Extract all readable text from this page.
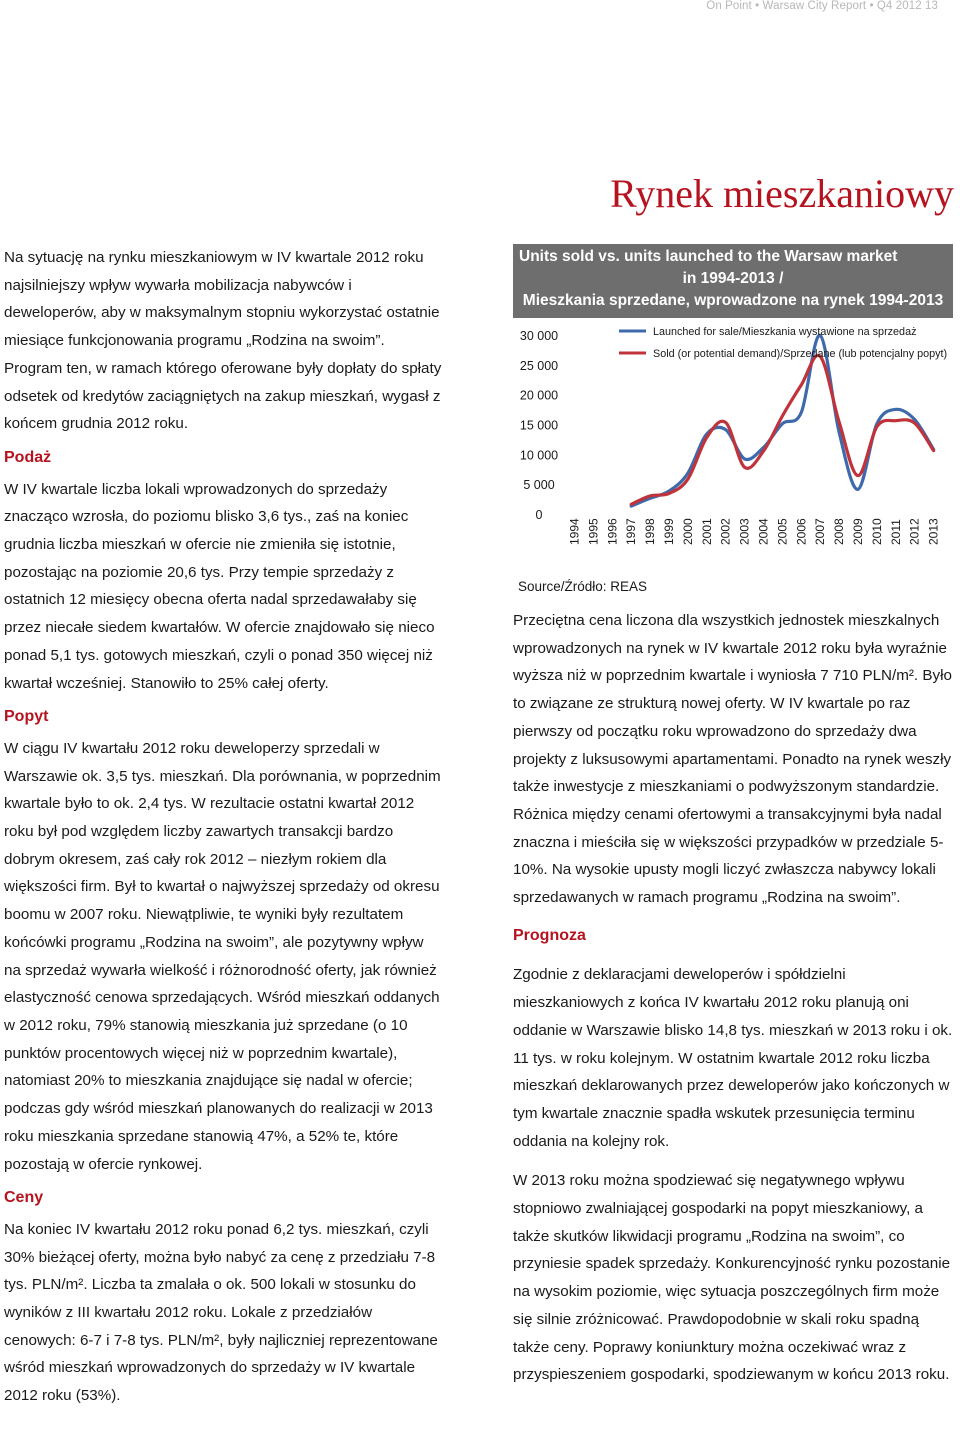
On Point • Warsaw City Report • Q4 2012 13
Rynek mieszkaniowy

Na sytuację na rynku mieszkaniowym w IV kwartale 2012 roku najsilniejszy wpływ wywarła mobilizacja nabywców i deweloperów, aby w maksymalnym stopniu wykorzystać ostatnie miesiące funkcjonowania programu „Rodzina na swoim”. Program ten, w ramach którego oferowane były dopłaty do spłaty odsetek od kredytów zaciągniętych na zakup mieszkań, wygasł z końcem grudnia 2012 roku.

Podaż

W IV kwartale liczba lokali wprowadzonych do sprzedaży znacząco wzrosła, do poziomu blisko 3,6 tys., zaś na koniec grudnia liczba mieszkań w ofercie nie zmieniła się istotnie, pozostając na poziomie 20,6 tys. Przy tempie sprzedaży z ostatnich 12 miesięcy obecna oferta nadal sprzedawałaby się przez niecałe siedem kwartałów. W ofercie znajdowało się nieco ponad 5,1 tys. gotowych mieszkań, czyli o ponad 350 więcej niż kwartał wcześniej. Stanowiło to 25% całej oferty.

Popyt

W ciągu IV kwartału 2012 roku deweloperzy sprzedali w Warszawie ok. 3,5 tys. mieszkań. Dla porównania, w poprzednim kwartale było to ok. 2,4 tys. W rezultacie ostatni kwartał 2012 roku był pod względem liczby zawartych transakcji bardzo dobrym okresem, zaś cały rok 2012 – niezłym rokiem dla większości firm. Był to kwartał o najwyższej sprzedaży od okresu boomu w 2007 roku. Niewątpliwie, te wyniki były rezultatem końcówki programu „Rodzina na swoim”, ale pozytywny wpływ na sprzedaż wywarła wielkość i różnorodność oferty, jak również elastyczność cenowa sprzedających. Wśród mieszkań oddanych w 2012 roku, 79% stanowią mieszkania już sprzedane (o 10 punktów procentowych więcej niż w poprzednim kwartale), natomiast 20% to mieszkania znajdujące się nadal w ofercie; podczas gdy wśród mieszkań planowanych do realizacji w 2013 roku mieszkania sprzedane stanowią 47%, a 52% te, które pozostają w ofercie rynkowej.

Ceny

Na koniec IV kwartału 2012 roku ponad 6,2 tys. mieszkań, czyli 30% bieżącej oferty, można było nabyć za cenę z przedziału 7-8 tys. PLN/m². Liczba ta zmalała o ok. 500 lokali w stosunku do wyników z III kwartału 2012 roku. Lokale z przedziałów cenowych: 6-7 i 7-8 tys. PLN/m², były najliczniej reprezentowane wśród mieszkań wprowadzonych do sprzedaży w IV kwartale 2012 roku (53%).

Units sold vs. units launched to the Warsaw market
in 1994-2013 /
Mieszkania sprzedane, wprowadzone na rynek 1994-2013
0
5 000
10 000
15 000
20 000
25 000
30 000
1994 1995 1996 1997 1998 1999 2000 2001 2002 2003 2004 2005 2006 2007 2008 2009 2010 2011 2012 2013
Launched for sale/Mieszkania wystawione na sprzedaż
Sold (or potential demand)/Sprzedane (lub potencjalny popyt)
Source/Źródło: REAS

Przeciętna cena liczona dla wszystkich jednostek mieszkalnych wprowadzonych na rynek w IV kwartale 2012 roku była wyraźnie wyższa niż w poprzednim kwartale i wyniosła 7 710 PLN/m². Było to związane ze strukturą nowej oferty. W IV kwartale po raz pierwszy od początku roku wprowadzono do sprzedaży dwa projekty z luksusowymi apartamentami. Ponadto na rynek weszły także inwestycje z mieszkaniami o podwyższonym standardzie. Różnica między cenami ofertowymi a transakcyjnymi była nadal znaczna i mieściła się w większości przypadków w przedziale 5-10%. Na wysokie upusty mogli liczyć zwłaszcza nabywcy lokali sprzedawanych w ramach programu „Rodzina na swoim”.

Prognoza

Zgodnie z deklaracjami deweloperów i spółdzielni mieszkaniowych z końca IV kwartału 2012 roku planują oni oddanie w Warszawie blisko 14,8 tys. mieszkań w 2013 roku i ok. 11 tys. w roku kolejnym. W ostatnim kwartale 2012 roku liczba mieszkań deklarowanych przez deweloperów jako kończonych w tym kwartale znacznie spadła wskutek przesunięcia terminu oddania na kolejny rok.

W 2013 roku można spodziewać się negatywnego wpływu stopniowo zwalniającej gospodarki na popyt mieszkaniowy, a także skutków likwidacji programu „Rodzina na swoim”, co przyniesie spadek sprzedaży. Konkurencyjność rynku pozostanie na wysokim poziomie, więc sytuacja poszczególnych firm może się silnie zróżnicować. Prawdopodobnie w skali roku spadną także ceny. Poprawy koniunktury można oczekiwać wraz z przyspieszeniem gospodarki, spodziewanym w końcu 2013 roku.
